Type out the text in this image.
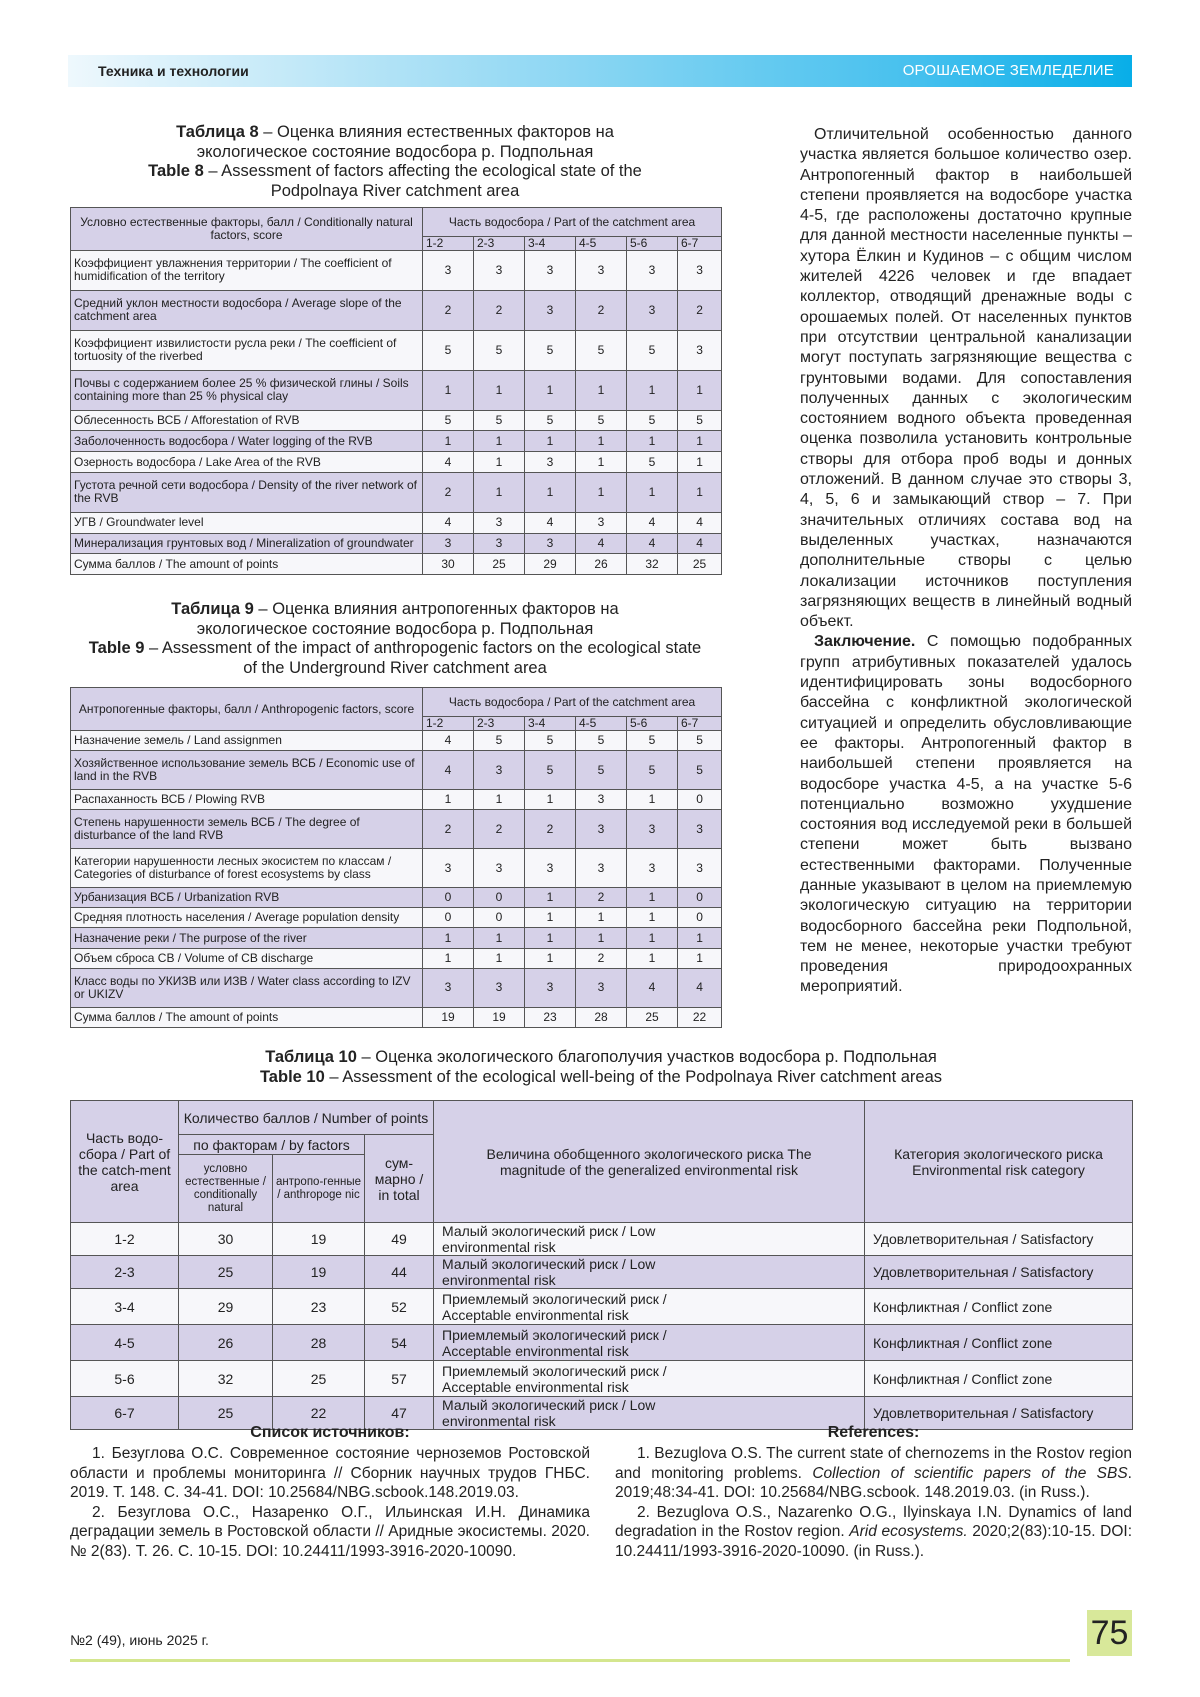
Техника и технологии	ОРОШАЕМОЕ ЗЕМЛЕДЕЛИЕ
Таблица 8 – Оценка влияния естественных факторов на экологическое состояние водосбора р. Подпольная
Table 8 – Assessment of factors affecting the ecological state of the Podpolnaya River catchment area
Условно естественные факторы, балл / Conditionally natural factors, score	Часть водосбора / Part of the catchment area
1-2	2-3	3-4	4-5	5-6	6-7
Коэффициент увлажнения территории / The coefficient of humidification of the territory	3	3	3	3	3	3
Средний уклон местности водосбора / Average slope of the catchment area	2	2	3	2	3	2
Коэффициент извилистости русла реки / The coefficient of tortuosity of the riverbed	5	5	5	5	5	3
Почвы с содержанием более 25 % физической глины / Soils containing more than 25 % physical clay	1	1	1	1	1	1
Облесенность ВСБ / Afforestation of RVB	5	5	5	5	5	5
Заболоченность водосбора / Water logging of the RVB	1	1	1	1	1	1
Озерность водосбора / Lake Area of the RVB	4	1	3	1	5	1
Густота речной сети водосбора / Density of the river network of the RVB	2	1	1	1	1	1
УГВ / Groundwater level	4	3	4	3	4	4
Минерализация грунтовых вод / Mineralization of groundwater	3	3	3	4	4	4
Сумма баллов / The amount of points	30	25	29	26	32	25
Таблица 9 – Оценка влияния антропогенных факторов на экологическое состояние водосбора р. Подпольная
Table 9 – Assessment of the impact of anthropogenic factors on the ecological state of the Underground River catchment area
Антропогенные факторы, балл / Anthropogenic factors, score	Часть водосбора / Part of the catchment area
1-2	2-3	3-4	4-5	5-6	6-7
Назначение земель / Land assignmen	4	5	5	5	5	5
Хозяйственное использование земель ВСБ / Economic use of land in the RVB	4	3	5	5	5	5
Распаханность ВСБ / Plowing RVB	1	1	1	3	1	0
Степень нарушенности земель ВСБ / The degree of disturbance of the land RVB	2	2	2	3	3	3
Категории нарушенности лесных экосистем по классам / Categories of disturbance of forest ecosystems by class	3	3	3	3	3	3
Урбанизация ВСБ / Urbanization RVB	0	0	1	2	1	0
Средняя плотность населения / Average population density	0	0	1	1	1	0
Назначение реки / The purpose of the river	1	1	1	1	1	1
Объем сброса СВ / Volume of CB discharge	1	1	1	2	1	1
Класс воды по УКИЗВ или ИЗВ / Water class according to IZV or UKIZV	3	3	3	3	4	4
Сумма баллов / The amount of points	19	19	23	28	25	22

Отличительной особенностью данного участка является большое количество озер. Антропогенный фактор в наибольшей степени проявляется на водосборе участка 4-5, где расположены достаточно крупные для данной местности населенные пункты – хутора Ёлкин и Кудинов – с общим числом жителей 4226 человек и где впадает коллектор, отводящий дренажные воды с орошаемых полей. От населенных пунктов при отсутствии центральной канализации могут поступать загрязняющие вещества с грунтовыми водами. Для сопоставления полученных данных с экологическим состоянием водного объекта проведенная оценка позволила установить контрольные створы для отбора проб воды и донных отложений. В данном случае это створы 3, 4, 5, 6 и замыкающий створ – 7. При значительных отличиях состава вод на выделенных участках, назначаются дополнительные створы с целью локализации источников поступления загрязняющих веществ в линейный водный объект.

Заключение. С помощью подобранных групп атрибутивных показателей удалось идентифицировать зоны водосборного бассейна с конфликтной экологической ситуацией и определить обусловливающие ее факторы. Антропогенный фактор в наибольшей степени проявляется на водосборе участка 4-5, а на участке 5-6 потенциально возможно ухудшение состояния вод исследуемой реки в большей степени может быть вызвано естественными факторами. Полученные данные указывают в целом на приемлемую экологическую ситуацию на территории водосборного бассейна реки Подпольной, тем не менее, некоторые участки требуют проведения природоохранных мероприятий.

Таблица 10 – Оценка экологического благополучия участков водосбора р. Подпольная
Table 10 – Assessment of the ecological well-being of the Podpolnaya River catchment areas
Часть водо-сбора / Part of the catch-ment area	Количество баллов / Number of points	Величина обобщенного экологического риска The magnitude of the generalized environmental risk	Категория экологического риска Environmental risk category
по факторам / by factors	сум-марно / in total
условно естественные / conditionally natural	антропо-генные / anthropoge nic
1-2	30	19	49	Малый экологический риск / Low environmental risk	Удовлетворительная / Satisfactory
2-3	25	19	44	Малый экологический риск / Low environmental risk	Удовлетворительная / Satisfactory
3-4	29	23	52	Приемлемый экологический риск / Acceptable environmental risk	Конфликтная / Conflict zone
4-5	26	28	54	Приемлемый экологический риск / Acceptable environmental risk	Конфликтная / Conflict zone
5-6	32	25	57	Приемлемый экологический риск / Acceptable environmental risk	Конфликтная / Conflict zone
6-7	25	22	47	Малый экологический риск / Low environmental risk	Удовлетворительная / Satisfactory
Список источников:

1. Безуглова О.С. Современное состояние черноземов Ростовской области и проблемы мониторинга // Сборник научных трудов ГНБС. 2019. Т. 148. С. 34-41. DOI: 10.25684/NBG.scbook.148.2019.03.

2. Безуглова О.С., Назаренко О.Г., Ильинская И.Н. Динамика деградации земель в Ростовской области // Аридные экосистемы. 2020. № 2(83). Т. 26. С. 10-15. DOI: 10.24411/1993-3916-2020-10090.

References:

1. Bezuglova O.S. The current state of chernozems in the Rostov region and monitoring problems. Collection of scientific papers of the SBS. 2019;48:34-41. DOI: 10.25684/NBG.scbook. 148.2019.03. (in Russ.).

2. Bezuglova O.S., Nazarenko O.G., Ilyinskaya I.N. Dynamics of land degradation in the Rostov region. Arid ecosystems. 2020;2(83):10-15. DOI: 10.24411/1993-3916-2020-10090. (in Russ.).

№2 (49), июнь 2025 г.	75
